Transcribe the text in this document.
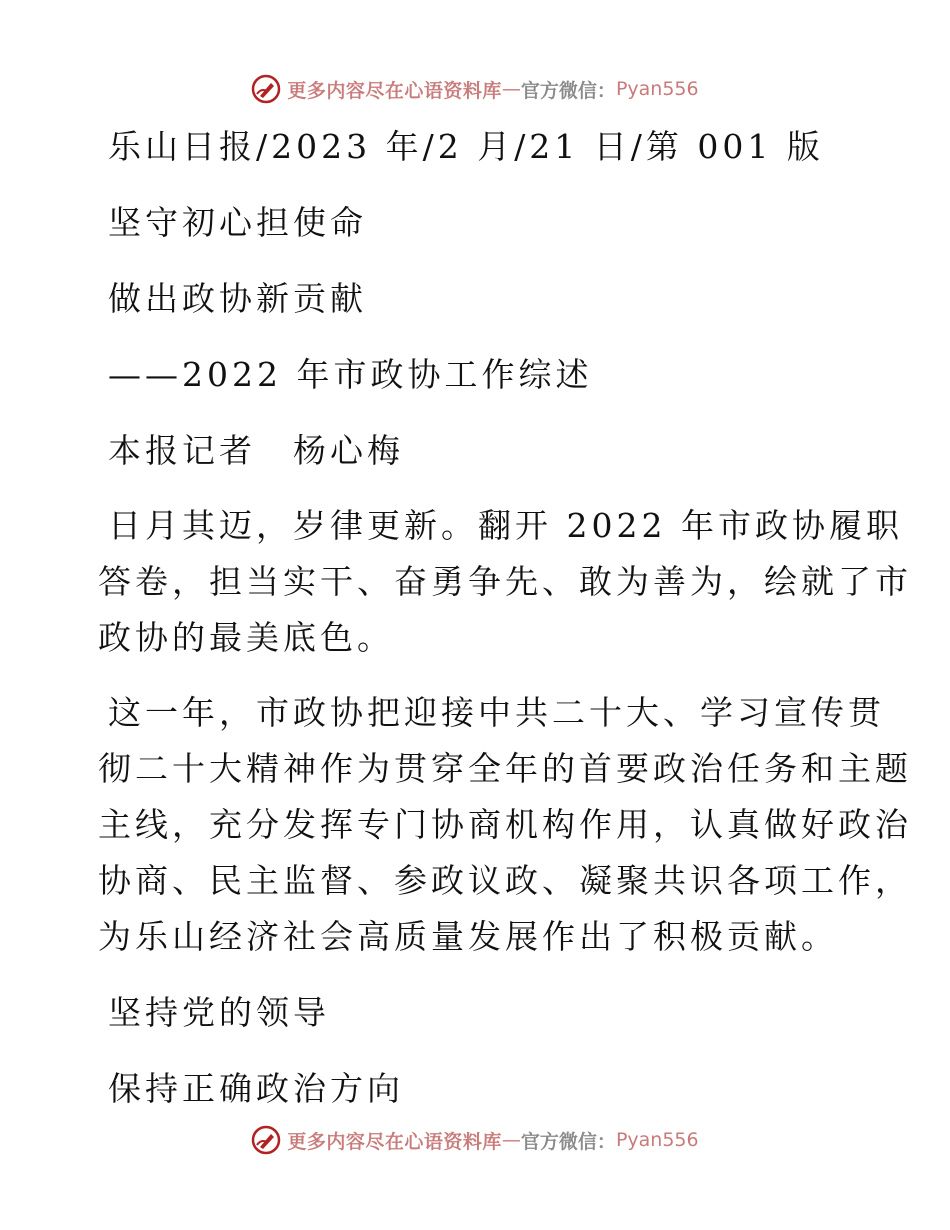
更多内容尽在心语资料库 — 官方微信： Pyan556
乐山日报/2023 年/2 月/21 日/第 001 版
坚守初心担使命
做出政协新贡献
——2022 年市政协工作综述
本报记者　杨心梅
日月其迈，岁律更新。翻开 2022 年市政协履职
答卷，担当实干、奋勇争先、敢为善为，绘就了市
政协的最美底色。
这一年，市政协把迎接中共二十大、学习宣传贯
彻二十大精神作为贯穿全年的首要政治任务和主题
主线，充分发挥专门协商机构作用，认真做好政治
协商、民主监督、参政议政、凝聚共识各项工作，
为乐山经济社会高质量发展作出了积极贡献。
坚持党的领导
保持正确政治方向
更多内容尽在心语资料库 — 官方微信： Pyan556
